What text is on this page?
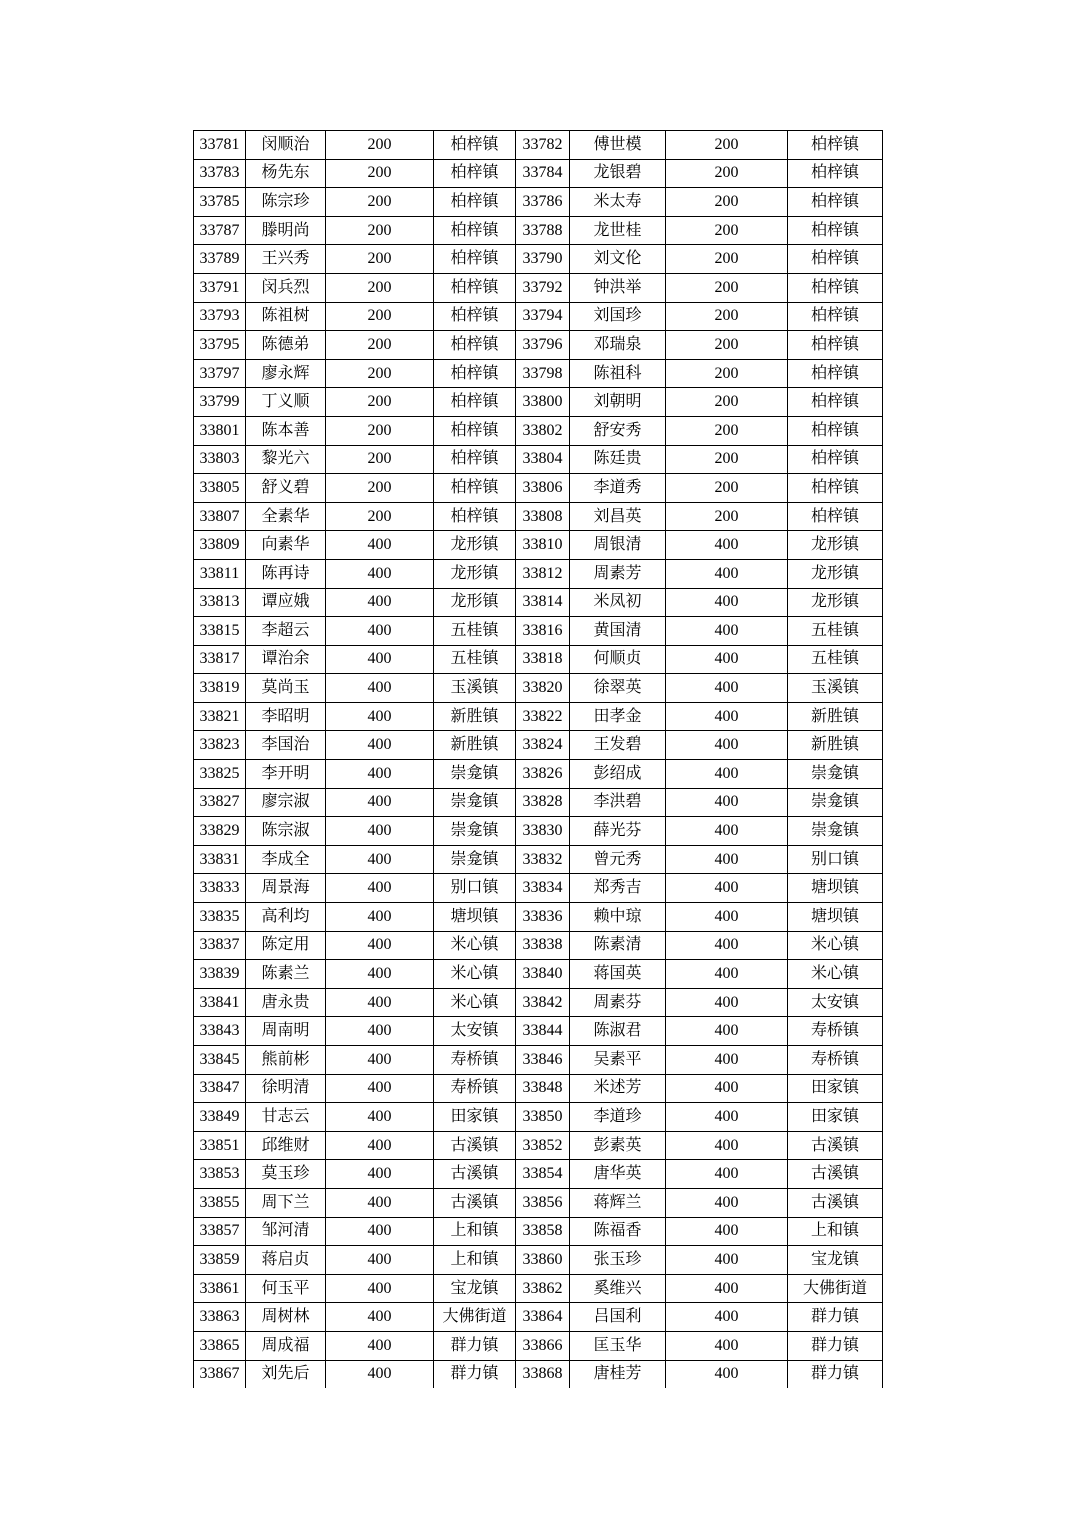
33781	闵顺治	200	柏梓镇	33782	傅世模	200	柏梓镇
33783	杨先东	200	柏梓镇	33784	龙银碧	200	柏梓镇
33785	陈宗珍	200	柏梓镇	33786	米太寿	200	柏梓镇
33787	滕明尚	200	柏梓镇	33788	龙世桂	200	柏梓镇
33789	王兴秀	200	柏梓镇	33790	刘文伦	200	柏梓镇
33791	闵兵烈	200	柏梓镇	33792	钟洪举	200	柏梓镇
33793	陈祖树	200	柏梓镇	33794	刘国珍	200	柏梓镇
33795	陈德弟	200	柏梓镇	33796	邓瑞泉	200	柏梓镇
33797	廖永辉	200	柏梓镇	33798	陈祖科	200	柏梓镇
33799	丁义顺	200	柏梓镇	33800	刘朝明	200	柏梓镇
33801	陈本善	200	柏梓镇	33802	舒安秀	200	柏梓镇
33803	黎光六	200	柏梓镇	33804	陈廷贵	200	柏梓镇
33805	舒义碧	200	柏梓镇	33806	李道秀	200	柏梓镇
33807	全素华	200	柏梓镇	33808	刘昌英	200	柏梓镇
33809	向素华	400	龙形镇	33810	周银清	400	龙形镇
33811	陈再诗	400	龙形镇	33812	周素芳	400	龙形镇
33813	谭应娥	400	龙形镇	33814	米凤初	400	龙形镇
33815	李超云	400	五桂镇	33816	黄国清	400	五桂镇
33817	谭治余	400	五桂镇	33818	何顺贞	400	五桂镇
33819	莫尚玉	400	玉溪镇	33820	徐翠英	400	玉溪镇
33821	李昭明	400	新胜镇	33822	田孝金	400	新胜镇
33823	李国治	400	新胜镇	33824	王发碧	400	新胜镇
33825	李开明	400	崇龛镇	33826	彭绍成	400	崇龛镇
33827	廖宗淑	400	崇龛镇	33828	李洪碧	400	崇龛镇
33829	陈宗淑	400	崇龛镇	33830	薛光芬	400	崇龛镇
33831	李成全	400	崇龛镇	33832	曾元秀	400	别口镇
33833	周景海	400	别口镇	33834	郑秀吉	400	塘坝镇
33835	高利均	400	塘坝镇	33836	赖中琼	400	塘坝镇
33837	陈定用	400	米心镇	33838	陈素清	400	米心镇
33839	陈素兰	400	米心镇	33840	蒋国英	400	米心镇
33841	唐永贵	400	米心镇	33842	周素芬	400	太安镇
33843	周南明	400	太安镇	33844	陈淑君	400	寿桥镇
33845	熊前彬	400	寿桥镇	33846	吴素平	400	寿桥镇
33847	徐明清	400	寿桥镇	33848	米述芳	400	田家镇
33849	甘志云	400	田家镇	33850	李道珍	400	田家镇
33851	邱维财	400	古溪镇	33852	彭素英	400	古溪镇
33853	莫玉珍	400	古溪镇	33854	唐华英	400	古溪镇
33855	周下兰	400	古溪镇	33856	蒋辉兰	400	古溪镇
33857	邹河清	400	上和镇	33858	陈福香	400	上和镇
33859	蒋启贞	400	上和镇	33860	张玉珍	400	宝龙镇
33861	何玉平	400	宝龙镇	33862	奚维兴	400	大佛街道
33863	周树林	400	大佛街道	33864	吕国利	400	群力镇
33865	周成福	400	群力镇	33866	匡玉华	400	群力镇
33867	刘先后	400	群力镇	33868	唐桂芳	400	群力镇
